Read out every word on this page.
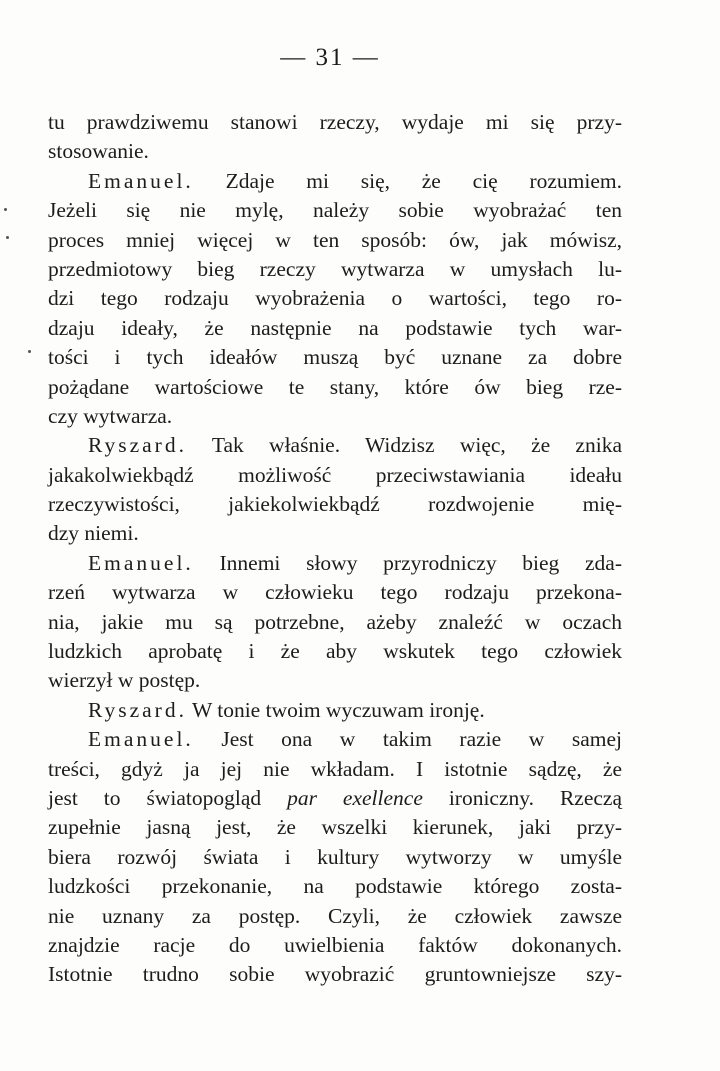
— 31 —
tu prawdziwemu stanowi rzeczy, wydaje mi się przy-
stosowanie.
Emanuel. Zdaje mi się, że cię rozumiem.
Jeżeli się nie mylę, należy sobie wyobrażać ten
proces mniej więcej w ten sposób: ów, jak mówisz,
przedmiotowy bieg rzeczy wytwarza w umysłach lu-
dzi tego rodzaju wyobrażenia o wartości, tego ro-
dzaju ideały, że następnie na podstawie tych war-
tości i tych ideałów muszą być uznane za dobre
pożądane wartościowe te stany, które ów bieg rze-
czy wytwarza.
Ryszard. Tak właśnie. Widzisz więc, że znika
jakakolwiekbądź możliwość przeciwstawiania ideału
rzeczywistości, jakiekolwiekbądź rozdwojenie mię-
dzy niemi.
Emanuel. Innemi słowy przyrodniczy bieg zda-
rzeń wytwarza w człowieku tego rodzaju przekona-
nia, jakie mu są potrzebne, ażeby znaleźć w oczach
ludzkich aprobatę i że aby wskutek tego człowiek
wierzył w postęp.
Ryszard. W tonie twoim wyczuwam ironję.
Emanuel. Jest ona w takim razie w samej
treści, gdyż ja jej nie wkładam. I istotnie sądzę, że
jest to światopogląd par exellence ironiczny. Rzeczą
zupełnie jasną jest, że wszelki kierunek, jaki przy-
biera rozwój świata i kultury wytworzy w umyśle
ludzkości przekonanie, na podstawie którego zosta-
nie uznany za postęp. Czyli, że człowiek zawsze
znajdzie racje do uwielbienia faktów dokonanych.
Istotnie trudno sobie wyobrazić gruntowniejsze szy-
